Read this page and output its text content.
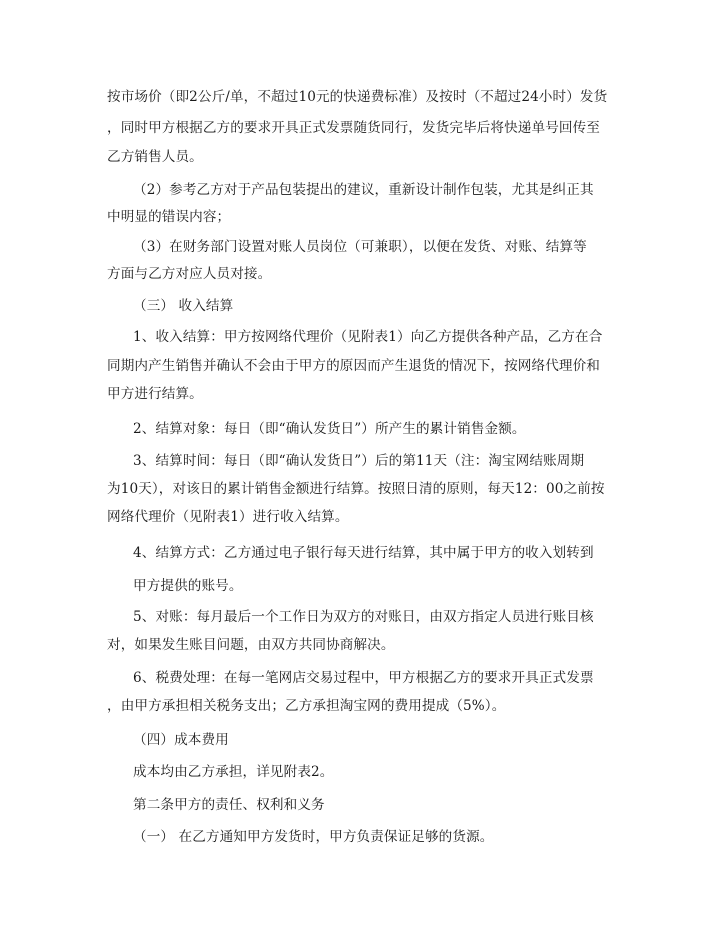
按市场价（即2公斤/单，不超过10元的快递费标准）及按时（不超过24小时）发货
，同时甲方根据乙方的要求开具正式发票随货同行，发货完毕后将快递单号回传至
乙方销售人员。
（2）参考乙方对于产品包装提出的建议，重新设计制作包装，尤其是纠正其
中明显的错误内容；
（3）在财务部门设置对账人员岗位（可兼职），以便在发货、对账、结算等
方面与乙方对应人员对接。
（三） 收入结算
1、收入结算：甲方按网络代理价（见附表1）向乙方提供各种产品，乙方在合
同期内产生销售并确认不会由于甲方的原因而产生退货的情况下，按网络代理价和
甲方进行结算。
2、结算对象：每日（即“确认发货日”）所产生的累计销售金额。
3、结算时间：每日（即“确认发货日”）后的第11天（注：淘宝网结账周期
为10天），对该日的累计销售金额进行结算。按照日清的原则，每天12：00之前按
网络代理价（见附表1）进行收入结算。
4、结算方式：乙方通过电子银行每天进行结算，其中属于甲方的收入划转到
甲方提供的账号。
5、对账：每月最后一个工作日为双方的对账日，由双方指定人员进行账目核
对，如果发生账目问题，由双方共同协商解决。
6、税费处理：在每一笔网店交易过程中，甲方根据乙方的要求开具正式发票
，由甲方承担相关税务支出；乙方承担淘宝网的费用提成（5%）。
（四）成本费用
成本均由乙方承担，详见附表2。
第二条甲方的责任、权利和义务
（一） 在乙方通知甲方发货时，甲方负责保证足够的货源。
